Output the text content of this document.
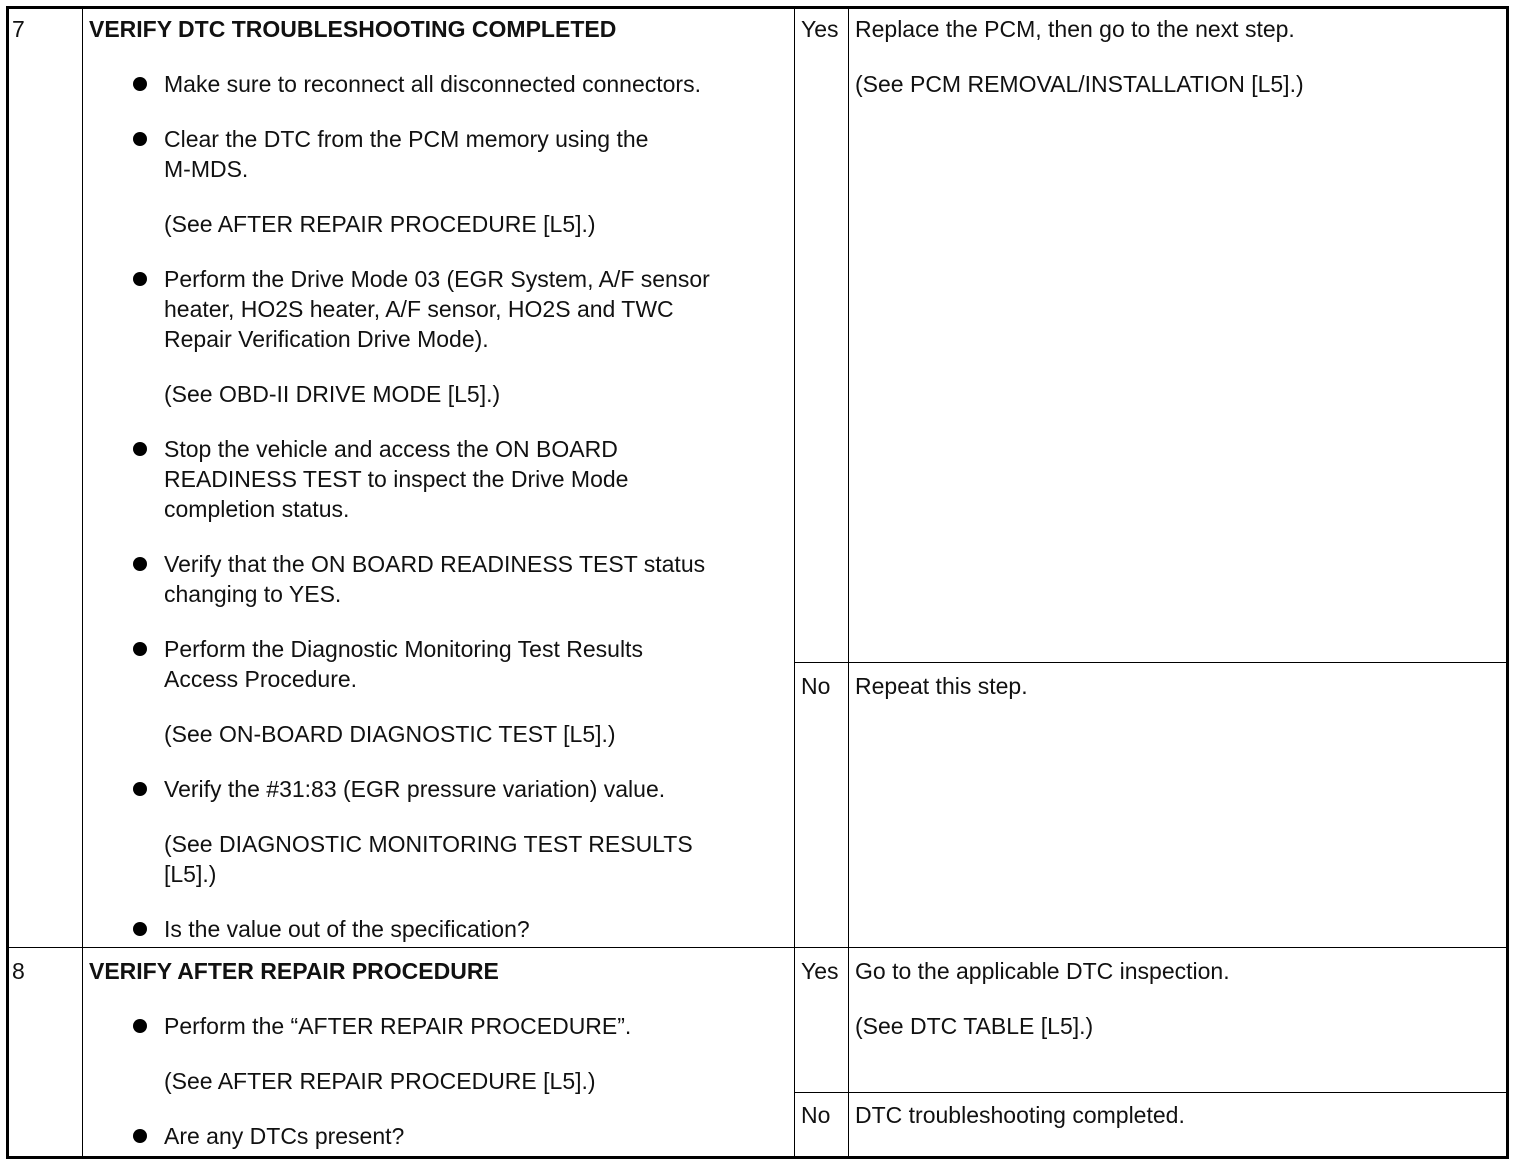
7	VERIFY DTC TROUBLESHOOTING COMPLETED
Make sure to reconnect all disconnected connectors.
Clear the DTC from the PCM memory using the
M-MDS.
(See AFTER REPAIR PROCEDURE [L5].)
Perform the Drive Mode 03 (EGR System, A/F sensor
heater, HO2S heater, A/F sensor, HO2S and TWC
Repair Verification Drive Mode).
(See OBD-II DRIVE MODE [L5].)
Stop the vehicle and access the ON BOARD
READINESS TEST to inspect the Drive Mode
completion status.
Verify that the ON BOARD READINESS TEST status
changing to YES.
Perform the Diagnostic Monitoring Test Results
Access Procedure.
(See ON-BOARD DIAGNOSTIC TEST [L5].)
Verify the #31:83 (EGR pressure variation) value.
(See DIAGNOSTIC MONITORING TEST RESULTS
[L5].)
Is the value out of the specification?
Yes Replace the PCM, then go to the next step.
(See PCM REMOVAL/INSTALLATION [L5].)
No Repeat this step.
8	VERIFY AFTER REPAIR PROCEDURE
Perform the “AFTER REPAIR PROCEDURE”.
(See AFTER REPAIR PROCEDURE [L5].)
Are any DTCs present?
Yes Go to the applicable DTC inspection.
(See DTC TABLE [L5].)
No DTC troubleshooting completed.
